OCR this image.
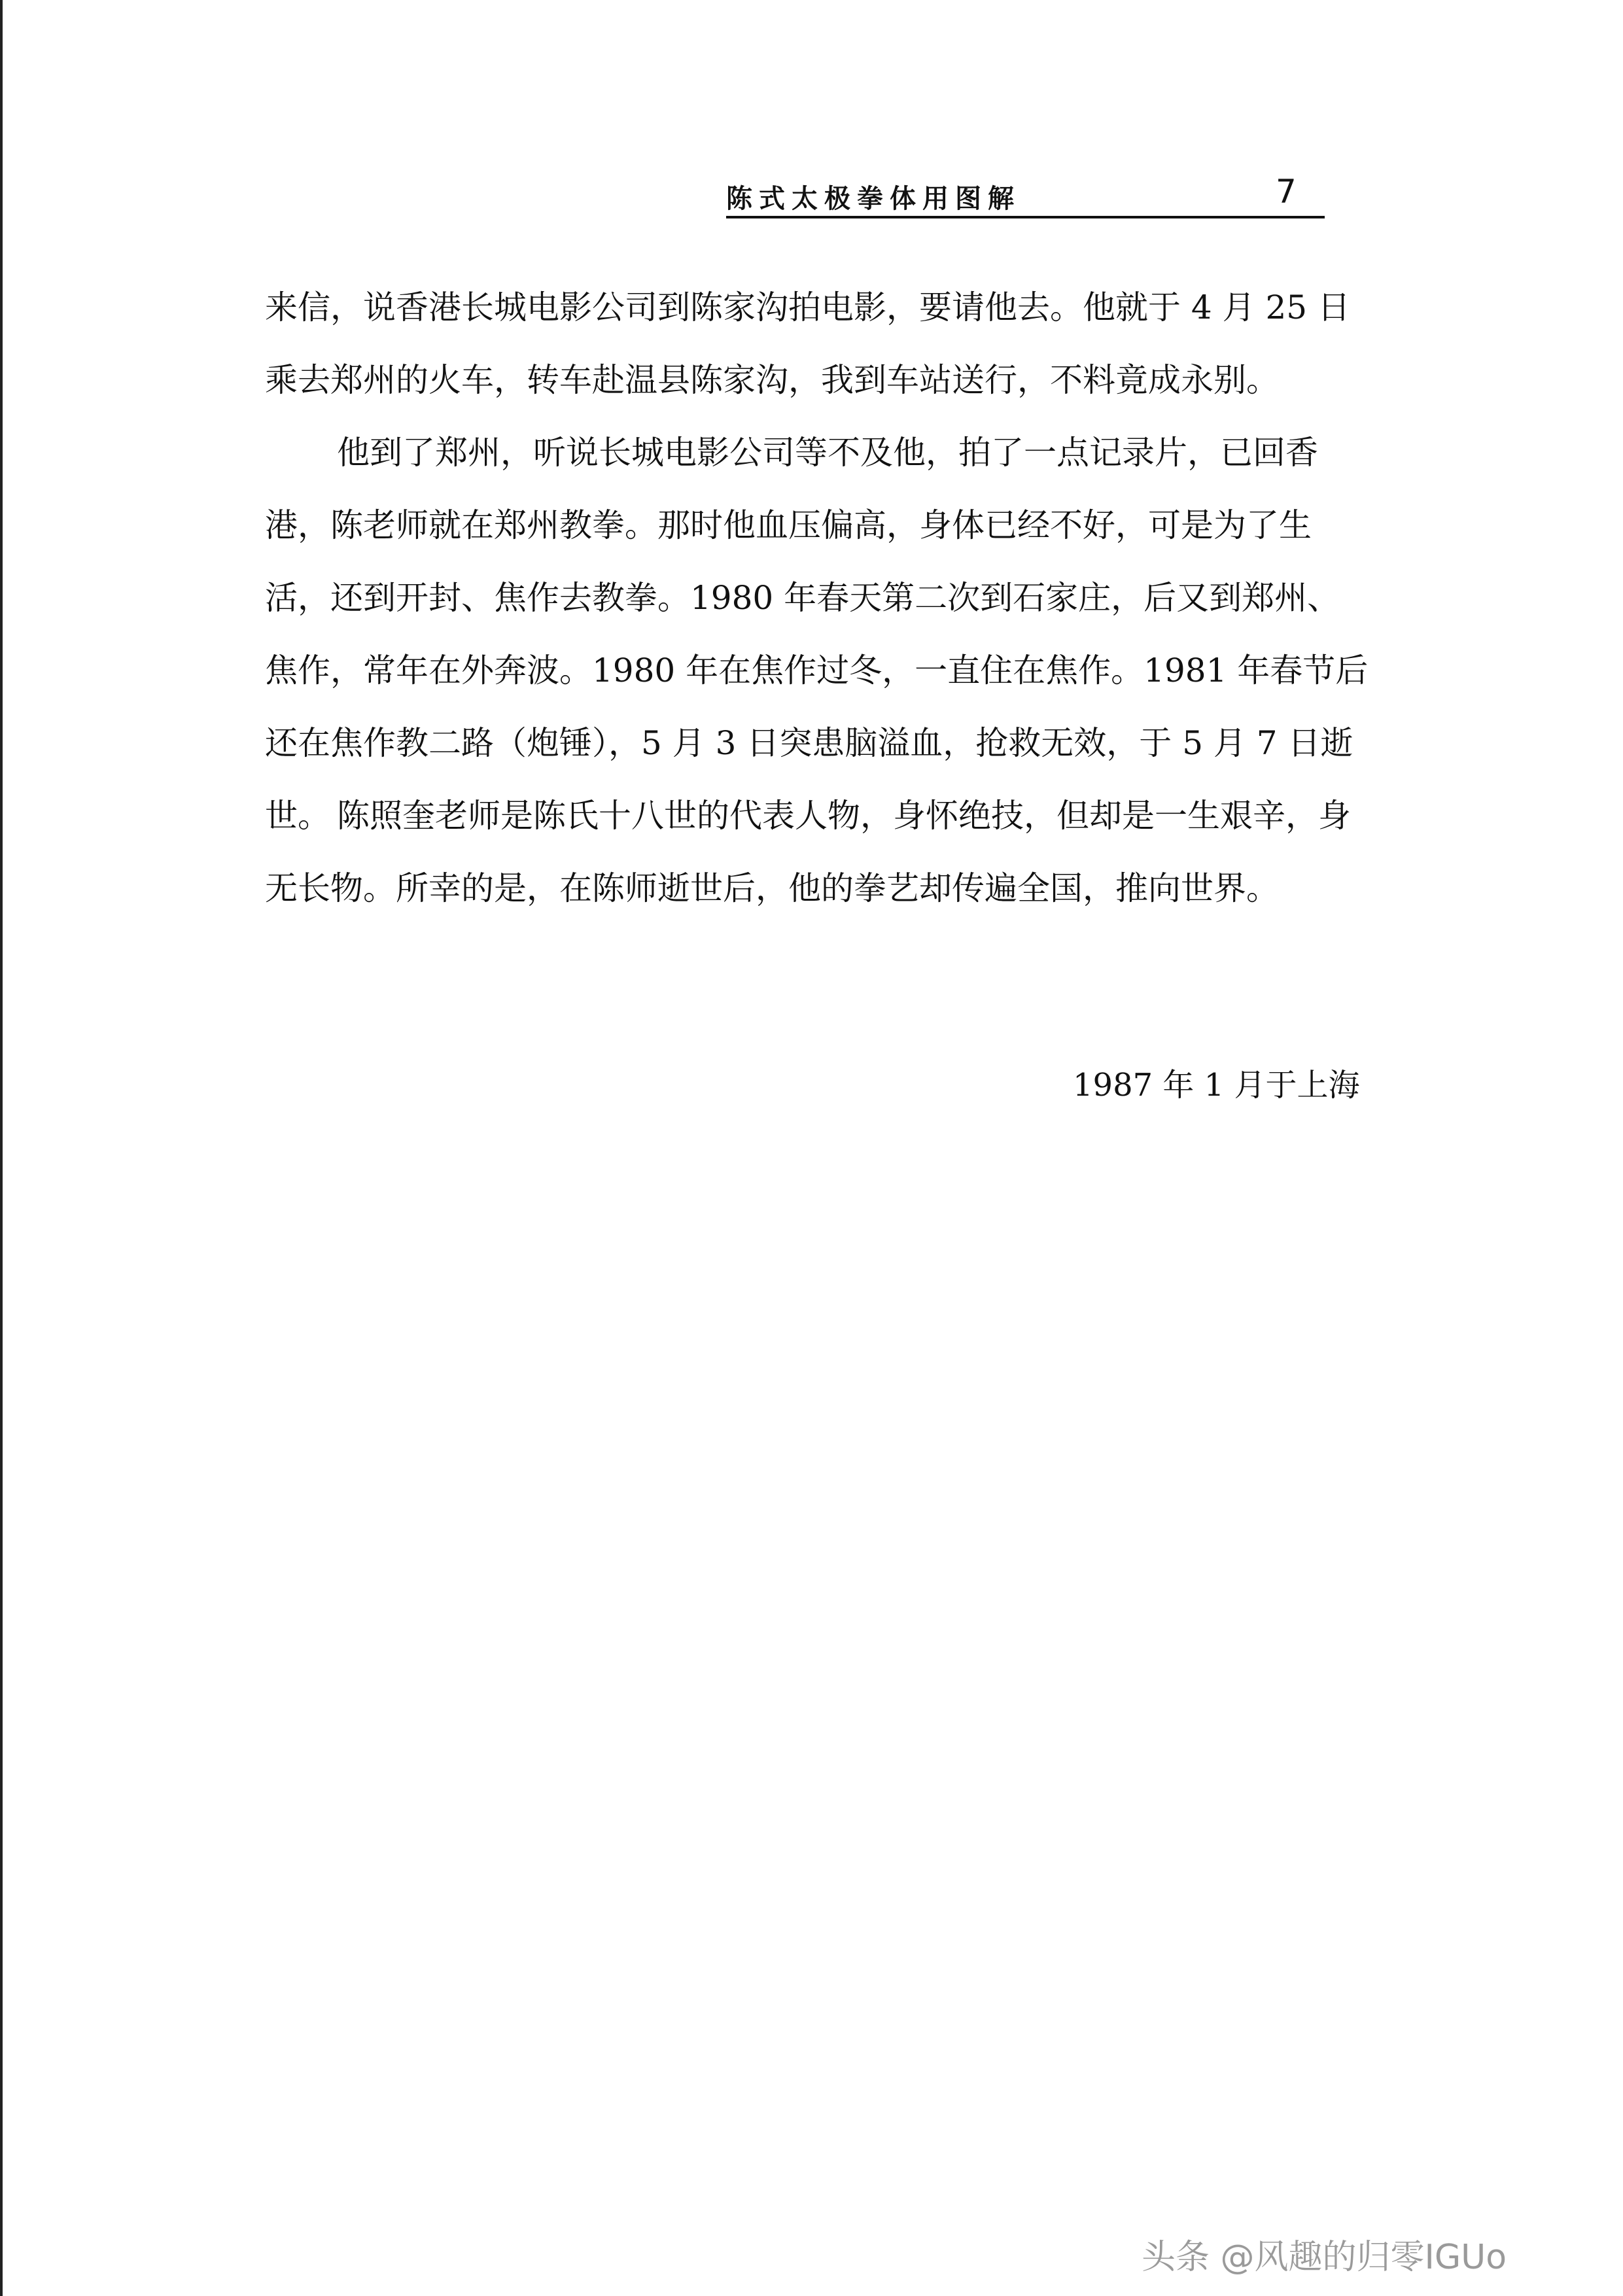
陈式太极拳体用图解	7
来信，说香港长城电影公司到陈家沟拍电影，要请他去。他就于 4 月 25 日
乘去郑州的火车，转车赴温县陈家沟，我到车站送行，不料竟成永别。
他到了郑州，听说长城电影公司等不及他，拍了一点记录片，已回香
港，陈老师就在郑州教拳。那时他血压偏高，身体已经不好，可是为了生
活，还到开封、焦作去教拳。1980 年春天第二次到石家庄，后又到郑州、
焦作，常年在外奔波。1980 年在焦作过冬，一直住在焦作。1981 年春节后
还在焦作教二路（炮锤），5 月 3 日突患脑溢血，抢救无效，于 5 月 7 日逝
世。 陈照奎老师是陈氏十八世的代表人物，身怀绝技，但却是一生艰辛，身
无长物。所幸的是，在陈师逝世后，他的拳艺却传遍全国，推向世界。
1987 年 1 月于上海
头条 @风趣的归零IGUo
